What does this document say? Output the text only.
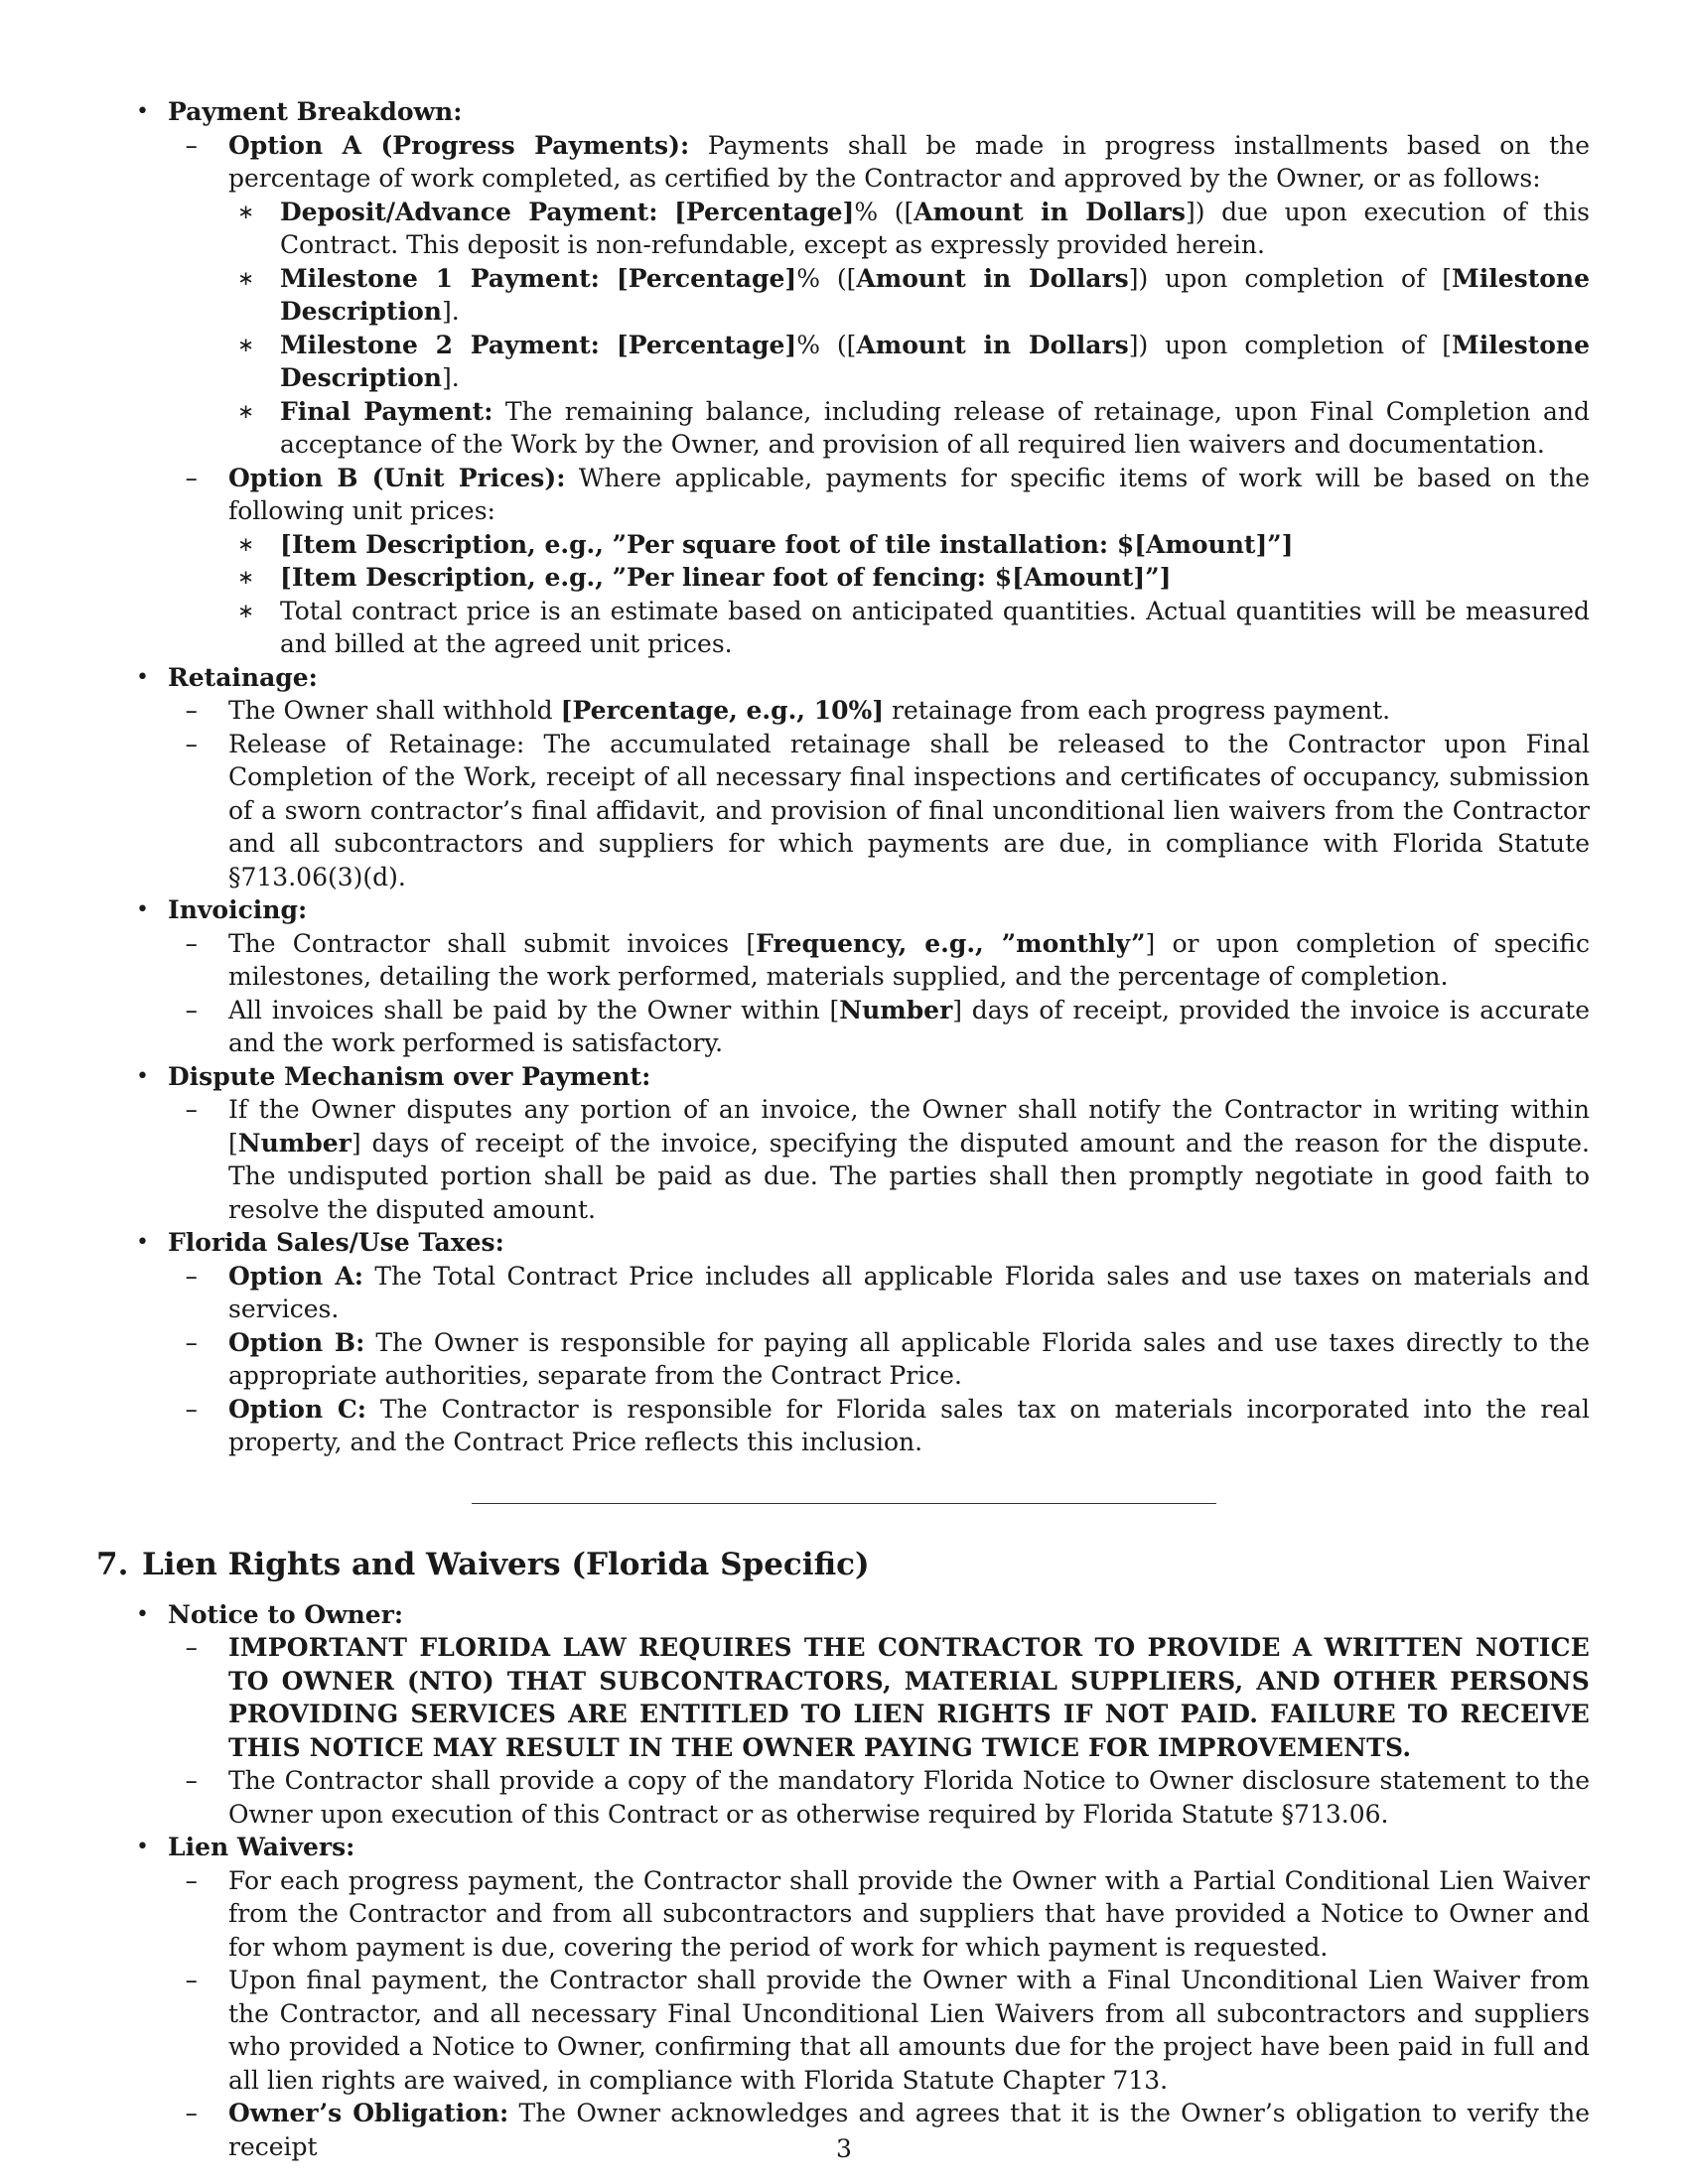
• Payment Breakdown:
– Option A (Progress Payments): Payments shall be made in progress installments based on the percentage of work completed, as certified by the Contractor and approved by the Owner, or as follows:
∗ Deposit/Advance Payment: [Percentage]% ([Amount in Dollars]) due upon execution of this Contract. This deposit is non-refundable, except as expressly provided herein.
∗ Milestone 1 Payment: [Percentage]% ([Amount in Dollars]) upon completion of [Milestone Description].
∗ Milestone 2 Payment: [Percentage]% ([Amount in Dollars]) upon completion of [Milestone Description].
∗ Final Payment: The remaining balance, including release of retainage, upon Final Completion and acceptance of the Work by the Owner, and provision of all required lien waivers and documentation.
– Option B (Unit Prices): Where applicable, payments for specific items of work will be based on the following unit prices:
∗ [Item Description, e.g., ”Per square foot of tile installation: $[Amount]”]
∗ [Item Description, e.g., ”Per linear foot of fencing: $[Amount]”]
∗ Total contract price is an estimate based on anticipated quantities. Actual quantities will be measured and billed at the agreed unit prices.
• Retainage:
– The Owner shall withhold [Percentage, e.g., 10%] retainage from each progress payment.
– Release of Retainage: The accumulated retainage shall be released to the Contractor upon Final Completion of the Work, receipt of all necessary final inspections and certificates of occupancy, submission of a sworn contractor’s final affidavit, and provision of final unconditional lien waivers from the Contractor and all subcontractors and suppliers for which payments are due, in compliance with Florida Statute §713.06(3)(d).
• Invoicing:
– The Contractor shall submit invoices [Frequency, e.g., ”monthly”] or upon completion of specific milestones, detailing the work performed, materials supplied, and the percentage of completion.
– All invoices shall be paid by the Owner within [Number] days of receipt, provided the invoice is accurate and the work performed is satisfactory.
• Dispute Mechanism over Payment:
– If the Owner disputes any portion of an invoice, the Owner shall notify the Contractor in writing within [Number] days of receipt of the invoice, specifying the disputed amount and the reason for the dispute. The undisputed portion shall be paid as due. The parties shall then promptly negotiate in good faith to resolve the disputed amount.
• Florida Sales/Use Taxes:
– Option A: The Total Contract Price includes all applicable Florida sales and use taxes on materials and services.
– Option B: The Owner is responsible for paying all applicable Florida sales and use taxes directly to the appropriate authorities, separate from the Contract Price.
– Option C: The Contractor is responsible for Florida sales tax on materials incorporated into the real property, and the Contract Price reflects this inclusion.
7. Lien Rights and Waivers (Florida Specific)
• Notice to Owner:
– IMPORTANT FLORIDA LAW REQUIRES THE CONTRACTOR TO PROVIDE A WRITTEN NOTICE TO OWNER (NTO) THAT SUBCONTRACTORS, MATERIAL SUPPLIERS, AND OTHER PERSONS PROVIDING SERVICES ARE ENTITLED TO LIEN RIGHTS IF NOT PAID. FAILURE TO RECEIVE THIS NOTICE MAY RESULT IN THE OWNER PAYING TWICE FOR IMPROVEMENTS.
– The Contractor shall provide a copy of the mandatory Florida Notice to Owner disclosure statement to the Owner upon execution of this Contract or as otherwise required by Florida Statute §713.06.
• Lien Waivers:
– For each progress payment, the Contractor shall provide the Owner with a Partial Conditional Lien Waiver from the Contractor and from all subcontractors and suppliers that have provided a Notice to Owner and for whom payment is due, covering the period of work for which payment is requested.
– Upon final payment, the Contractor shall provide the Owner with a Final Unconditional Lien Waiver from the Contractor, and all necessary Final Unconditional Lien Waivers from all subcontractors and suppliers who provided a Notice to Owner, confirming that all amounts due for the project have been paid in full and all lien rights are waived, in compliance with Florida Statute Chapter 713.
– Owner’s Obligation: The Owner acknowledges and agrees that it is the Owner’s obligation to verify the receipt	3
